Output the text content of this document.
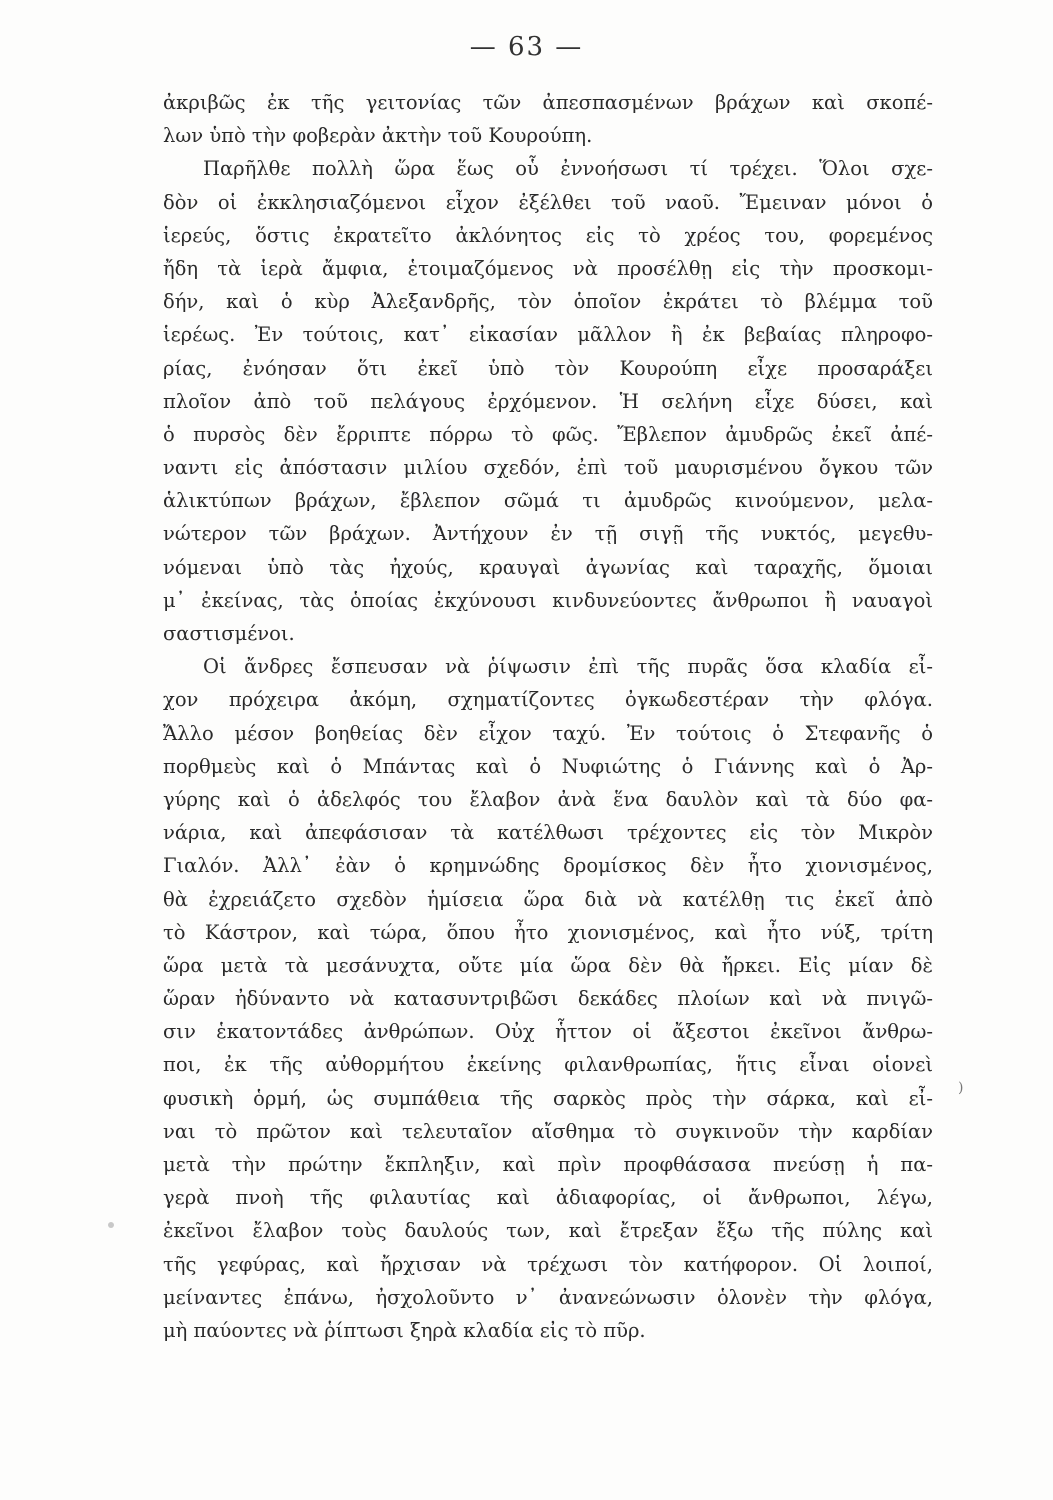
— 63 —
ἀκριβῶς ἐκ τῆς γειτονίας τῶν ἀπεσπασμένων βράχων καὶ σκοπέ-
λων ὑπὸ τὴν φοβερὰν ἀκτὴν τοῦ Κουρούπη.
Παρῆλθε πολλὴ ὥρα ἕως οὗ ἐννοήσωσι τί τρέχει. Ὅλοι σχε-
δὸν οἱ ἐκκλησιαζόμενοι εἶχον ἐξέλθει τοῦ ναοῦ. Ἔμειναν μόνοι ὁ
ἱερεύς, ὅστις ἐκρατεῖτο ἀκλόνητος εἰς τὸ χρέος του, φορεμένος
ἤδη τὰ ἱερὰ ἄμφια, ἑτοιμαζόμενος νὰ προσέλθῃ εἰς τὴν προσκομι-
δήν, καὶ ὁ κὺρ Ἀλεξανδρῆς, τὸν ὁποῖον ἐκράτει τὸ βλέμμα τοῦ
ἱερέως. Ἐν τούτοις, κατ᾽ εἰκασίαν μᾶλλον ἢ ἐκ βεβαίας πληροφο-
ρίας, ἐνόησαν ὅτι ἐκεῖ ὑπὸ τὸν Κουρούπη εἶχε προσαράξει
πλοῖον ἀπὸ τοῦ πελάγους ἐρχόμενον. Ἡ σελήνη εἶχε δύσει, καὶ
ὁ πυρσὸς δὲν ἔρριπτε πόρρω τὸ φῶς. Ἔβλεπον ἀμυδρῶς ἐκεῖ ἀπέ-
ναντι εἰς ἀπόστασιν μιλίου σχεδόν, ἐπὶ τοῦ μαυρισμένου ὄγκου τῶν
ἁλικτύπων βράχων, ἔβλεπον σῶμά τι ἀμυδρῶς κινούμενον, μελα-
νώτερον τῶν βράχων. Ἀντήχουν ἐν τῇ σιγῇ τῆς νυκτός, μεγεθυ-
νόμεναι ὑπὸ τὰς ἠχούς, κραυγαὶ ἀγωνίας καὶ ταραχῆς, ὅμοιαι
μ᾽ ἐκείνας, τὰς ὁποίας ἐκχύνουσι κινδυνεύοντες ἄνθρωποι ἢ ναυαγοὶ
σαστισμένοι.
Οἱ ἄνδρες ἔσπευσαν νὰ ῥίψωσιν ἐπὶ τῆς πυρᾶς ὅσα κλαδία εἶ-
χον πρόχειρα ἀκόμη, σχηματίζοντες ὀγκωδεστέραν τὴν φλόγα.
Ἄλλο μέσον βοηθείας δὲν εἶχον ταχύ. Ἐν τούτοις ὁ Στεφανῆς ὁ
πορθμεὺς καὶ ὁ Μπάντας καὶ ὁ Νυφιώτης ὁ Γιάννης καὶ ὁ Ἀρ-
γύρης καὶ ὁ ἀδελφός του ἔλαβον ἀνὰ ἕνα δαυλὸν καὶ τὰ δύο φα-
νάρια, καὶ ἀπεφάσισαν τὰ κατέλθωσι τρέχοντες εἰς τὸν Μικρὸν
Γιαλόν. Ἀλλ᾽ ἐὰν ὁ κρημνώδης δρομίσκος δὲν ἦτο χιονισμένος,
θὰ ἐχρειάζετο σχεδὸν ἡμίσεια ὥρα διὰ νὰ κατέλθῃ τις ἐκεῖ ἀπὸ
τὸ Κάστρον, καὶ τώρα, ὅπου ἦτο χιονισμένος, καὶ ἦτο νύξ, τρίτη
ὥρα μετὰ τὰ μεσάνυχτα, οὔτε μία ὥρα δὲν θὰ ἤρκει. Εἰς μίαν δὲ
ὥραν ἠδύναντο νὰ κατασυντριβῶσι δεκάδες πλοίων καὶ νὰ πνιγῶ-
σιν ἑκατοντάδες ἀνθρώπων. Οὐχ ἧττον οἱ ἄξεστοι ἐκεῖνοι ἄνθρω-
ποι, ἐκ τῆς αὐθορμήτου ἐκείνης φιλανθρωπίας, ἥτις εἶναι οἱονεὶ
φυσικὴ ὁρμή, ὡς συμπάθεια τῆς σαρκὸς πρὸς τὴν σάρκα, καὶ εἶ-
ναι τὸ πρῶτον καὶ τελευταῖον αἴσθημα τὸ συγκινοῦν τὴν καρδίαν
μετὰ τὴν πρώτην ἔκπληξιν, καὶ πρὶν προφθάσασα πνεύσῃ ἡ πα-
γερὰ πνοὴ τῆς φιλαυτίας καὶ ἀδιαφορίας, οἱ ἄνθρωποι, λέγω,
ἐκεῖνοι ἔλαβον τοὺς δαυλούς των, καὶ ἔτρεξαν ἔξω τῆς πύλης καὶ
τῆς γεφύρας, καὶ ἤρχισαν νὰ τρέχωσι τὸν κατήφορον. Οἱ λοιποί,
μείναντες ἐπάνω, ἠσχολοῦντο ν᾽ ἀνανεώνωσιν ὁλονὲν τὴν φλόγα,
μὴ παύοντες νὰ ῥίπτωσι ξηρὰ κλαδία εἰς τὸ πῦρ.
)
